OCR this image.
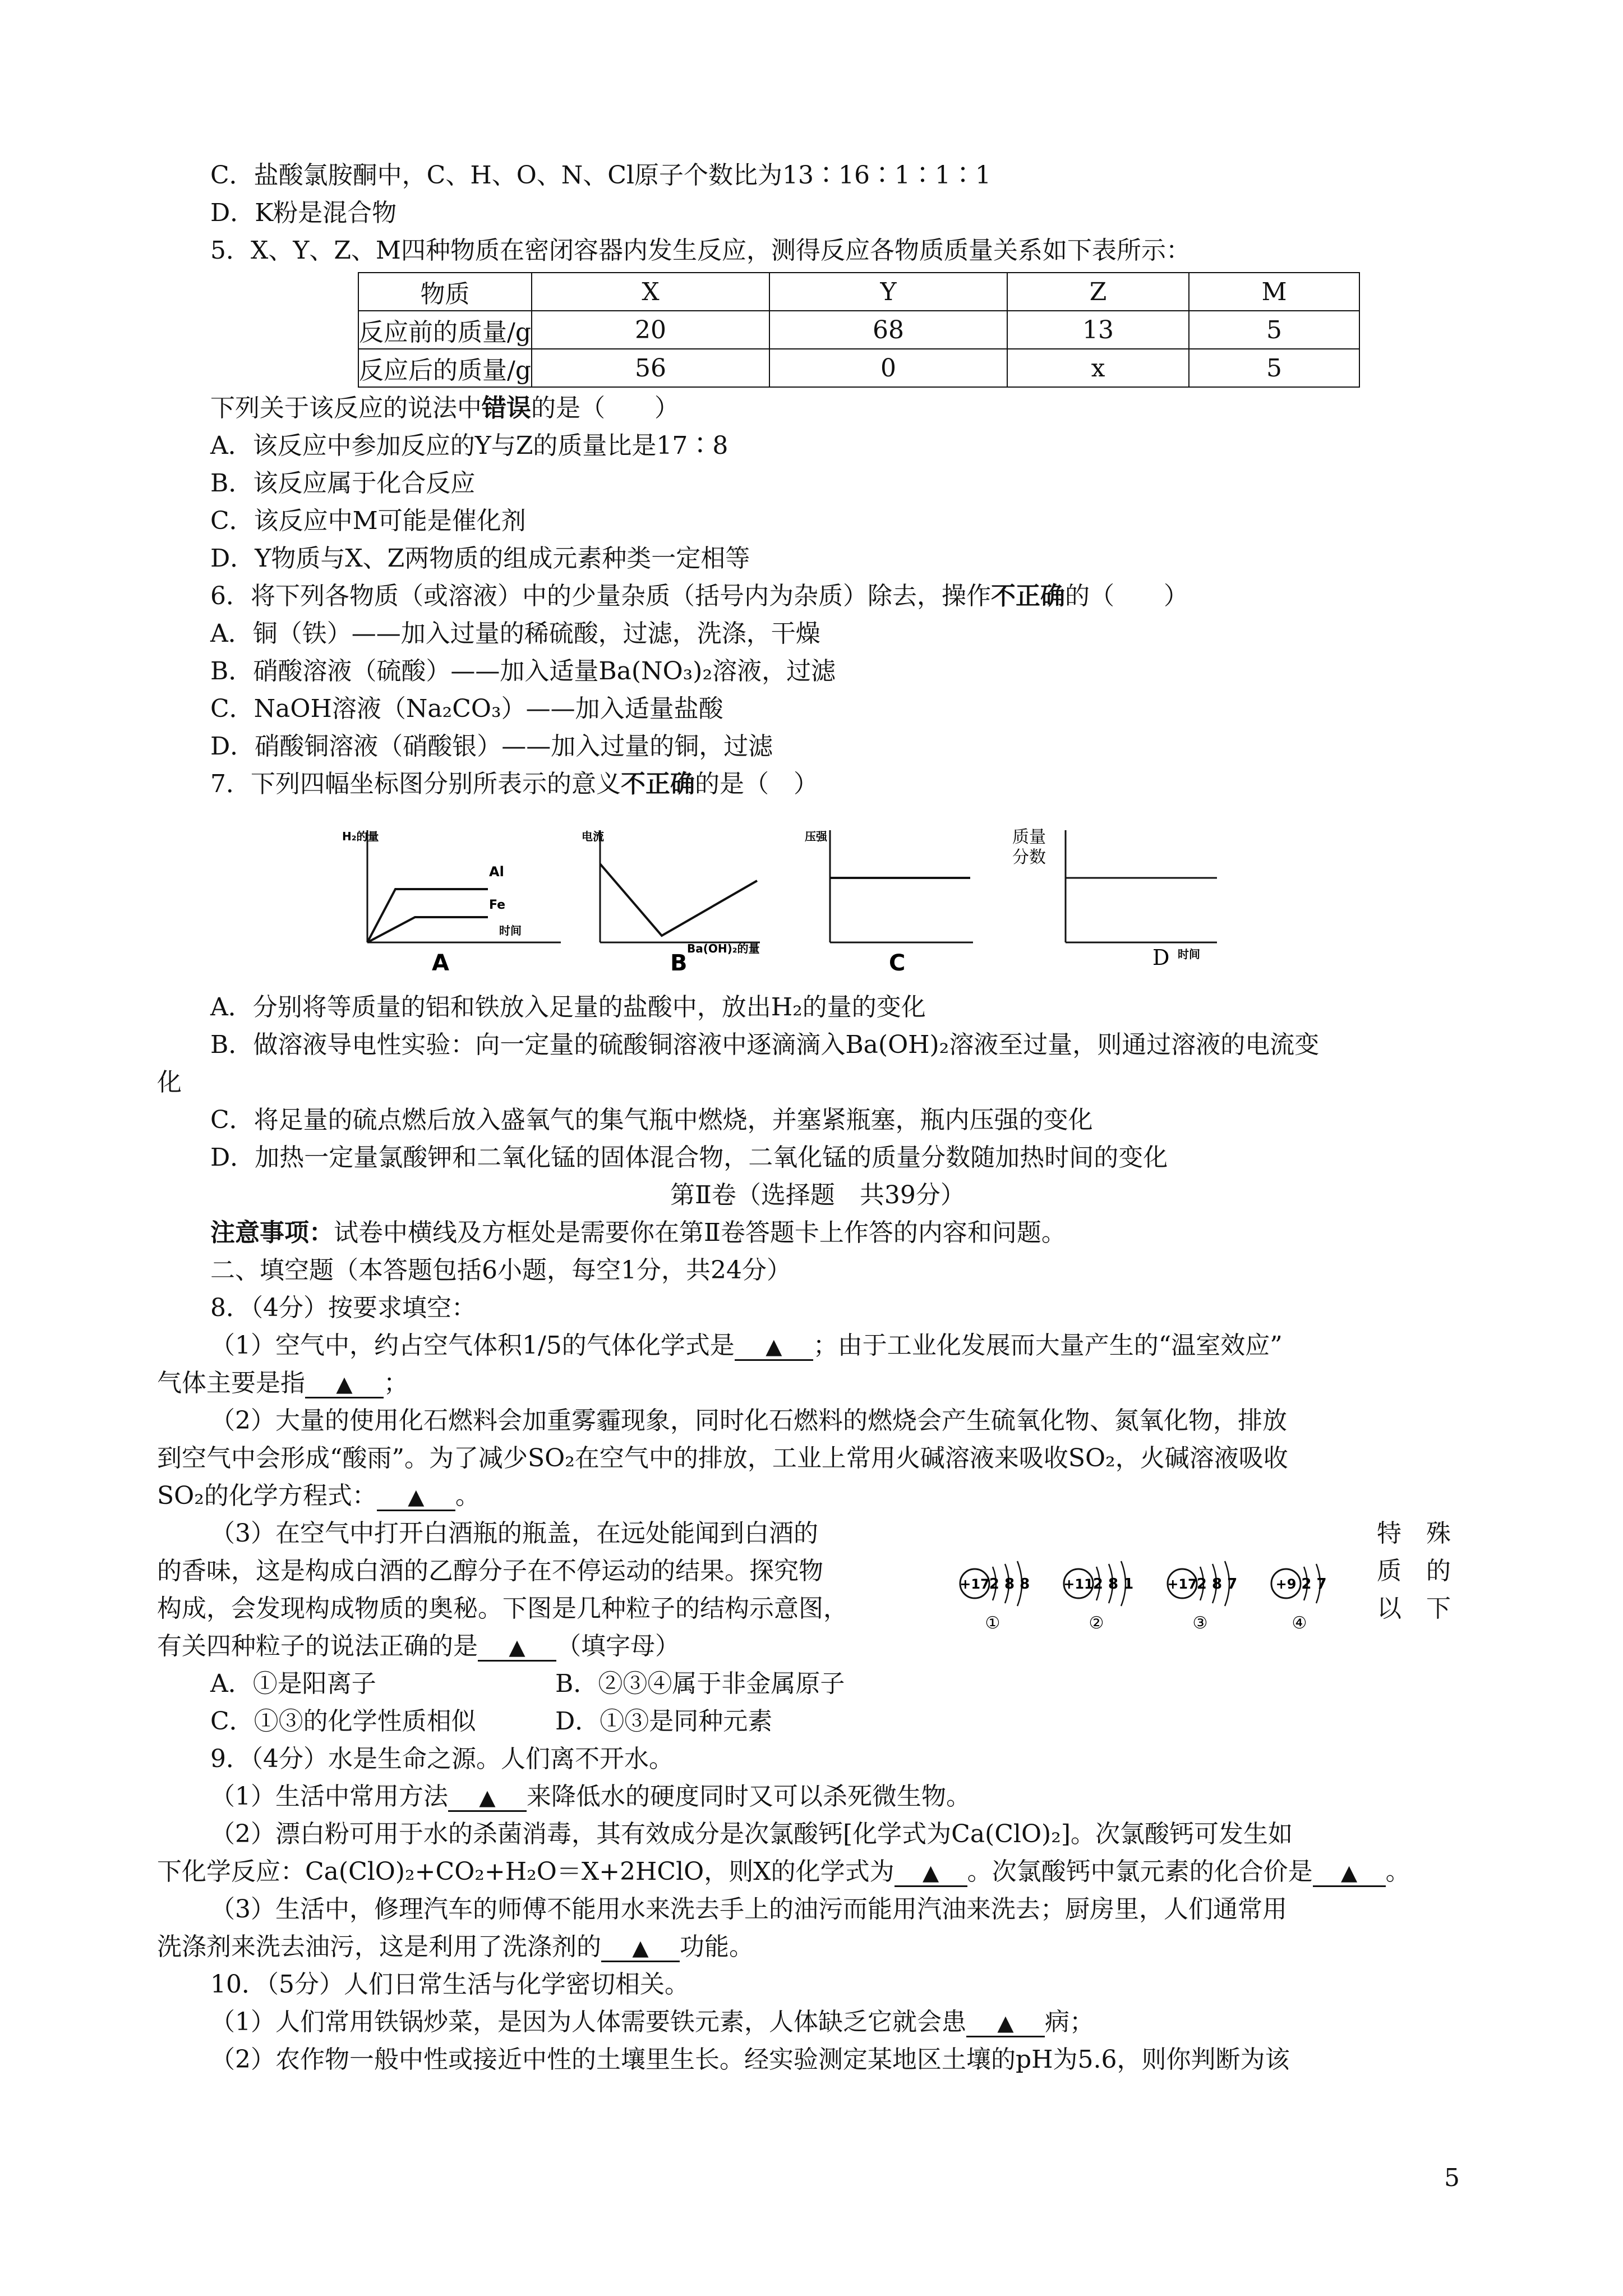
C．盐酸氯胺酮中，C、H、O、N、Cl原子个数比为13∶16∶1∶1∶1
D．K粉是混合物
5．X、Y、Z、M四种物质在密闭容器内发生反应，测得反应各物质质量关系如下表所示：
物质	X	Y	Z	M
反应前的质量/g	20	68	13	5
反应后的质量/g	56	0	x	5
下列关于该反应的说法中错误的是（　　）
A．该反应中参加反应的Y与Z的质量比是17∶8
B．该反应属于化合反应
C．该反应中M可能是催化剂
D．Y物质与X、Z两物质的组成元素种类一定相等
6．将下列各物质（或溶液）中的少量杂质（括号内为杂质）除去，操作不正确的（　　）
A．铜（铁）——加入过量的稀硫酸，过滤，洗涤，干燥
B．硝酸溶液（硫酸）——加入适量Ba(NO₃)₂溶液，过滤
C．NaOH溶液（Na₂CO₃）——加入适量盐酸
D．硝酸铜溶液（硝酸银）——加入过量的铜，过滤
7．下列四幅坐标图分别所表示的意义不正确的是（　）
H₂的量
Al
Fe
时间
A
电流
Ba(OH)₂的量
B
压强
C
质量
分数
时间
D
A．分别将等质量的铝和铁放入足量的盐酸中，放出H₂的量的变化
B．做溶液导电性实验：向一定量的硫酸铜溶液中逐滴滴入Ba(OH)₂溶液至过量，则通过溶液的电流变
化
C．将足量的硫点燃后放入盛氧气的集气瓶中燃烧，并塞紧瓶塞，瓶内压强的变化
D．加热一定量氯酸钾和二氧化锰的固体混合物，二氧化锰的质量分数随加热时间的变化
第Ⅱ卷（选择题　共39分）
注意事项：试卷中横线及方框处是需要你在第Ⅱ卷答题卡上作答的内容和问题。
二、填空题（本答题包括6小题，每空1分，共24分）
8．（4分）按要求填空：
（1）空气中，约占空气体积1/5的气体化学式是 ▲ ；由于工业化发展而大量产生的“温室效应”
气体主要是指 ▲ ；
（2）大量的使用化石燃料会加重雾霾现象，同时化石燃料的燃烧会产生硫氧化物、氮氧化物，排放
到空气中会形成“酸雨”。为了减少SO₂在空气中的排放，工业上常用火碱溶液来吸收SO₂，火碱溶液吸收
SO₂的化学方程式： ▲ 。
（3）在空气中打开白酒瓶的瓶盖，在远处能闻到白酒的
的香味，这是构成白酒的乙醇分子在不停运动的结果。探究物
构成，会发现构成物质的奥秘。下图是几种粒子的结构示意图，
有关四种粒子的说法正确的是 ▲ （填字母）
特　殊
质　的
以　下
+17 2 8 8
①
+11 2 8 1
②
+17 2 8 7
③
+9 2 7
④
A．①是阳离子	B．②③④属于非金属原子
C．①③的化学性质相似	D．①③是同种元素
9．（4分）水是生命之源。人们离不开水。
（1）生活中常用方法 ▲ 来降低水的硬度同时又可以杀死微生物。
（2）漂白粉可用于水的杀菌消毒，其有效成分是次氯酸钙[化学式为Ca(ClO)₂]。次氯酸钙可发生如
下化学反应：Ca(ClO)₂+CO₂+H₂O＝X+2HClO，则X的化学式为 ▲ 。次氯酸钙中氯元素的化合价是 ▲ 。
（3）生活中，修理汽车的师傅不能用水来洗去手上的油污而能用汽油来洗去；厨房里，人们通常用
洗涤剂来洗去油污，这是利用了洗涤剂的 ▲ 功能。
10．（5分）人们日常生活与化学密切相关。
（1）人们常用铁锅炒菜，是因为人体需要铁元素，人体缺乏它就会患 ▲ 病；
（2）农作物一般中性或接近中性的土壤里生长。经实验测定某地区土壤的pH为5.6，则你判断为该
5
